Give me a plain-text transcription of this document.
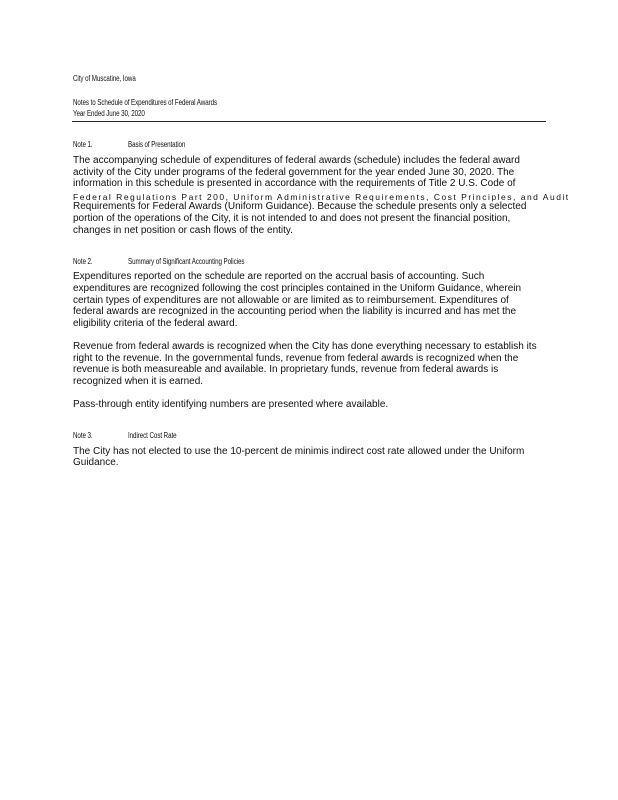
City of Muscatine, Iowa
Notes to Schedule of Expenditures of Federal Awards
Year Ended June 30, 2020
Note 1.	Basis of Presentation
The accompanying schedule of expenditures of federal awards (schedule) includes the federal award
activity of the City under programs of the federal government for the year ended June 30, 2020. The
information in this schedule is presented in accordance with the requirements of Title 2 U.S. Code of
Federal Regulations Part 200, Uniform Administrative Requirements, Cost Principles, and Audit
Requirements for Federal Awards (Uniform Guidance). Because the schedule presents only a selected
portion of the operations of the City, it is not intended to and does not present the financial position,
changes in net position or cash flows of the entity.
Note 2.	Summary of Significant Accounting Policies
Expenditures reported on the schedule are reported on the accrual basis of accounting. Such
expenditures are recognized following the cost principles contained in the Uniform Guidance, wherein
certain types of expenditures are not allowable or are limited as to reimbursement. Expenditures of
federal awards are recognized in the accounting period when the liability is incurred and has met the
eligibility criteria of the federal award.
Revenue from federal awards is recognized when the City has done everything necessary to establish its
right to the revenue. In the governmental funds, revenue from federal awards is recognized when the
revenue is both measureable and available. In proprietary funds, revenue from federal awards is
recognized when it is earned.
Pass-through entity identifying numbers are presented where available.
Note 3.	Indirect Cost Rate
The City has not elected to use the 10-percent de minimis indirect cost rate allowed under the Uniform
Guidance.
